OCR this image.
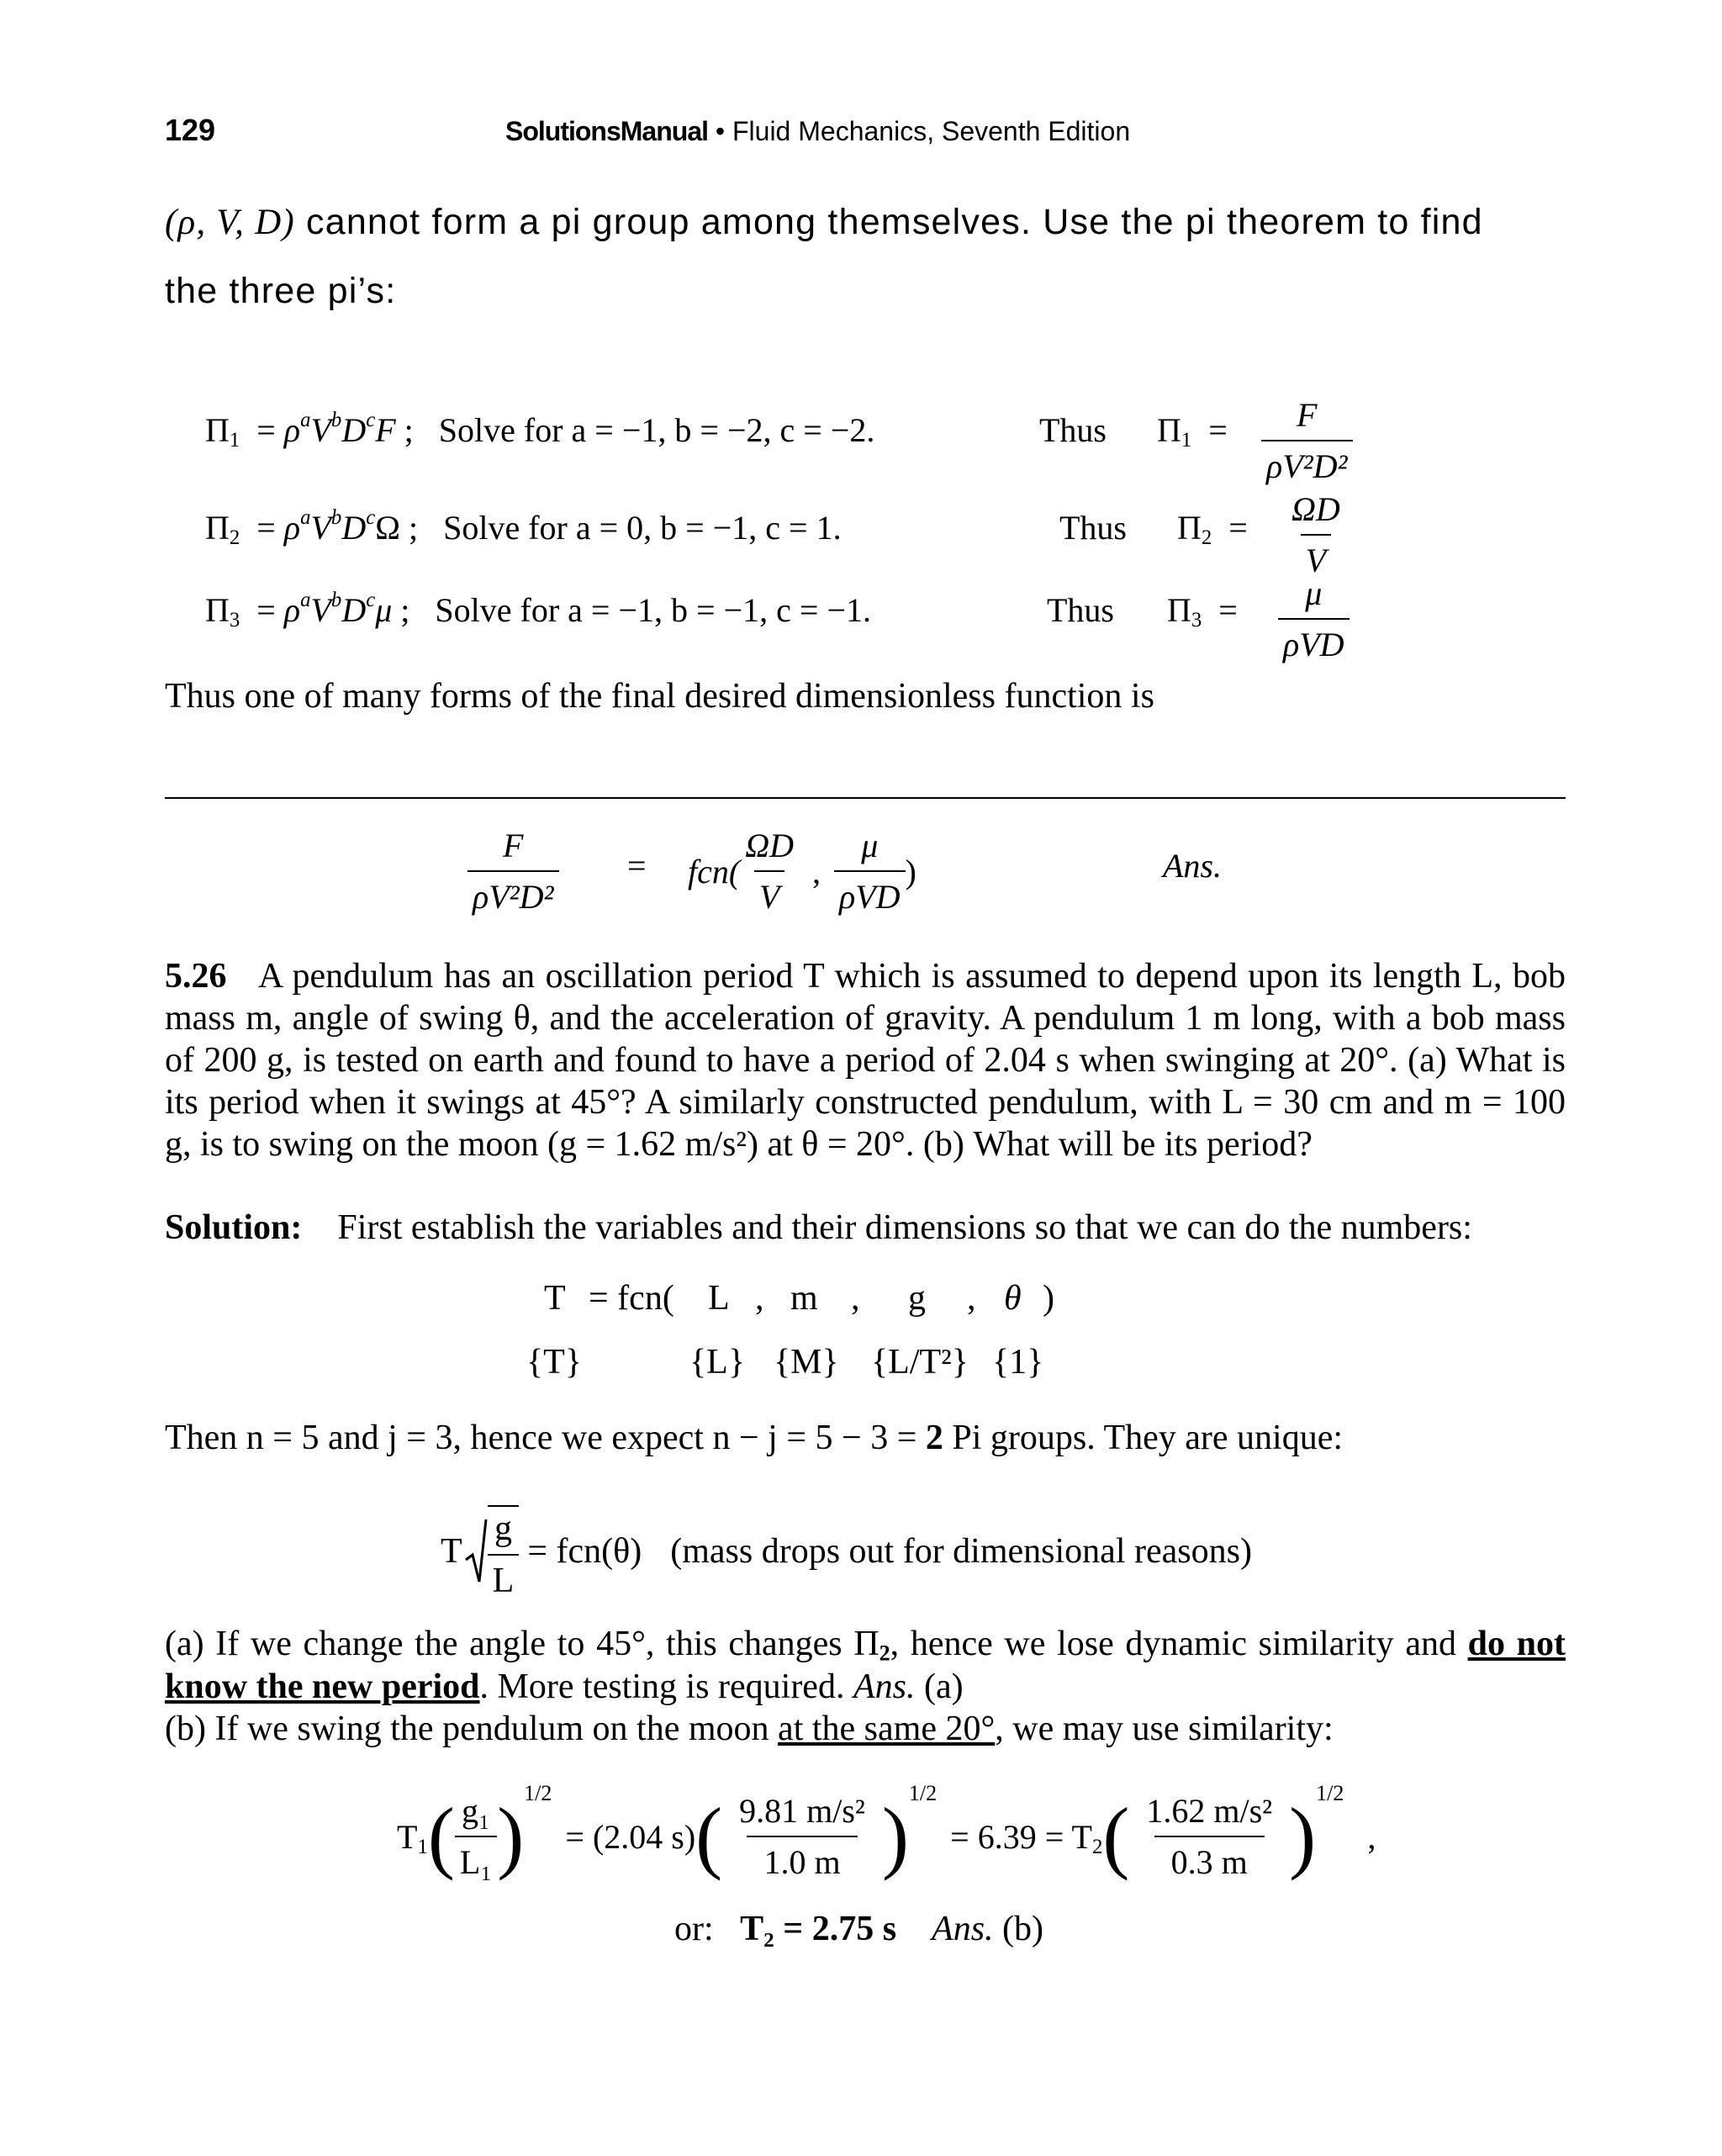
129	SolutionsManual • Fluid Mechanics, Seventh Edition
(ρ, V, D) cannot form a pi group among themselves. Use the pi theorem to find
the three pi’s:
$\Pi_1 = \rho^aV^bD^cF$ ;   Solve for a = −1, b = −2, c = −2.	Thus $\Pi_1 = \frac{F}{\text{ρV²D²}}$
$\Pi_2 = \rho^aV^bD^c\Omega$ ;   Solve for a = 0, b = −1, c = 1.	Thus $\Pi_2 = \frac{\Omega D}{V}$
$\Pi_3 = \rho^aV^bD^c\mu$ ;   Solve for a = −1, b = −1, c = −1.	Thus $\Pi_3 = \frac{\mu}{\text{ρVD}}$
Thus one of many forms of the final desired dimensionless function is
$\frac{F}{\text{ρV²D²}} = fcn( \frac{\Omega D}{V}$ , $\frac{\mu}{\text{ρVD}}$ )	Ans.

5.26 A pendulum has an oscillation period T which is assumed to depend upon its length L, bob mass m, angle of swing θ, and the acceleration of gravity. A pendulum 1 m long, with a bob mass of 200 g, is tested on earth and found to have a period of 2.04 s when swinging at 20°. (a) What is its period when it swings at 45°? A similarly constructed pendulum, with L = 30 cm and m = 100 g, is to swing on the moon (g = 1.62 m/s²) at θ = 20°. (b) What will be its period?

Solution: First establish the variables and their dimensions so that we can do the numbers:
T = fcn( L , m , g , θ )
{T}	{L} {M} {L/T²} {1}
Then n = 5 and j = 3, hence we expect n − j = 5 − 3 = 2 Pi groups. They are unique:
T $\frac{g}{L} = fcn(\theta)$ (mass drops out for dimensional reasons)

(a) If we change the angle to 45°, this changes $\Pi_2$, hence we lose dynamic similarity and do not know the new period. More testing is required. Ans. (a)

(b) If we swing the pendulum on the moon at the same 20°, we may use similarity:
$T_1$ ( $\frac{\text{g₁}}{\text{L₁}}$ ) 1/2
= (2.04 s) ( $\frac{\text{9.81 m/s²}}{1.0 m}$ ) 1/2
= $6.39 = T_2$ ( $\frac{\text{1.62 m/s²}}{0.3 m}$ ) 1/2
,
or: T₂ = 2.75 s Ans. (b)
